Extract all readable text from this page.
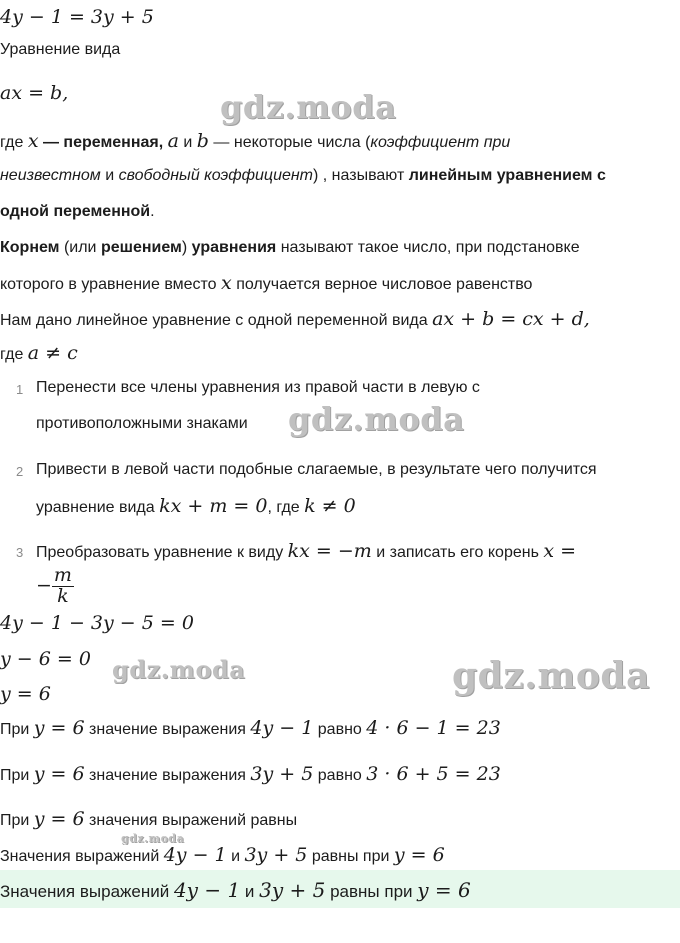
gdz.moda
gdz.moda
gdz.moda	gdz.moda
gdz.moda
4y − 1 = 3y + 5
Уравнение вида
ax = b,
где x — переменная, a и b — некоторые числа (коэффициент при
неизвестном и свободный коэффициент) , называют линейным уравнением с
одной переменной.
Корнем (или решением) уравнения называют такое число, при подстановке
которого в уравнение вместо x получается верное числовое равенство
Нам дано линейное уравнение с одной переменной вида ax + b = cx + d,
где a ≠ c
1 Перенести все члены уравнения из правой части в левую с
противоположными знаками
2 Привести в левой части подобные слагаемые, в результате чего получится
уравнение вида kx + m = 0, где k ≠ 0
3 Преобразовать уравнение к виду kx = −m и записать его корень x =
− $\frac{m}{k}$
4y − 1 − 3y − 5 = 0
y − 6 = 0
y = 6
При y = 6 значение выражения 4y − 1 равно 4 · 6 − 1 = 23
При y = 6 значение выражения 3y + 5 равно 3 · 6 + 5 = 23
При y = 6 значения выражений равны
Значения выражений 4y − 1 и 3y + 5 равны при y = 6
Значения выражений 4y − 1 и 3y + 5 равны при y = 6
